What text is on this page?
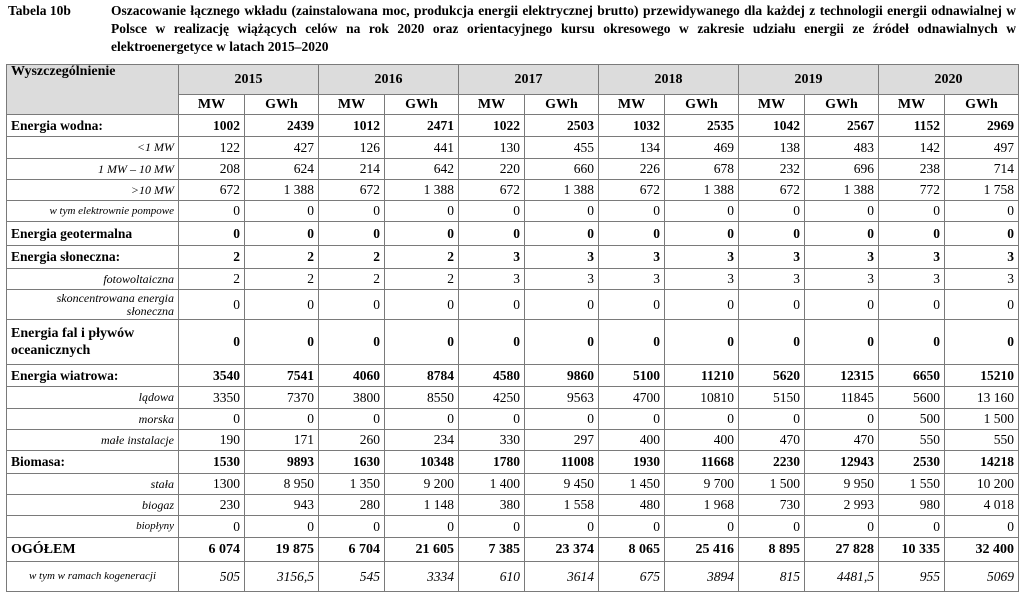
Tabela 10b	Oszacowanie łącznego wkładu (zainstalowana moc, produkcja energii elektrycznej brutto) przewidywanego dla każdej z technologii energii odnawialnej w Polsce w realizację wiążących celów na rok 2020 oraz orientacyjnego kursu okresowego w zakresie udziału energii ze źródeł odnawialnych w elektroenergetyce w latach 2015–2020
Wyszczególnienie	2015		2016		2017		2018		2019		2020	
	MW	GWh	MW	GWh	MW	GWh	MW	GWh	MW	GWh	MW	GWh
Energia wodna:	1002	2439	1012	2471	1022	2503	1032	2535	1042	2567	1152	2969
<1 MW	122	427	126	441	130	455	134	469	138	483	142	497
1 MW – 10 MW	208	624	214	642	220	660	226	678	232	696	238	714
>10 MW	672	1 388	672	1 388	672	1 388	672	1 388	672	1 388	772	1 758
w tym elektrownie pompowe	0	0	0	0	0	0	0	0	0	0	0	0
Energia geotermalna	0	0	0	0	0	0	0	0	0	0	0	0
Energia słoneczna:	2	2	2	2	3	3	3	3	3	3	3	3
fotowoltaiczna	2	2	2	2	3	3	3	3	3	3	3	3
skoncentrowana energia słoneczna	0	0	0	0	0	0	0	0	0	0	0	0
Energia fal i pływów oceanicznych	0	0	0	0	0	0	0	0	0	0	0	0
Energia wiatrowa:	3540	7541	4060	8784	4580	9860	5100	11210	5620	12315	6650	15210
lądowa	3350	7370	3800	8550	4250	9563	4700	10810	5150	11845	5600	13 160
morska	0	0	0	0	0	0	0	0	0	0	500	1 500
małe instalacje	190	171	260	234	330	297	400	400	470	470	550	550
Biomasa:	1530	9893	1630	10348	1780	11008	1930	11668	2230	12943	2530	14218
stała	1300	8 950	1 350	9 200	1 400	9 450	1 450	9 700	1 500	9 950	1 550	10 200
biogaz	230	943	280	1 148	380	1 558	480	1 968	730	2 993	980	4 018
biopłyny	0	0	0	0	0	0	0	0	0	0	0	0
OGÓŁEM	6 074	19 875	6 704	21 605	7 385	23 374	8 065	25 416	8 895	27 828	10 335	32 400
w tym w ramach kogeneracji	505	3156,5	545	3334	610	3614	675	3894	815	4481,5	955	5069
